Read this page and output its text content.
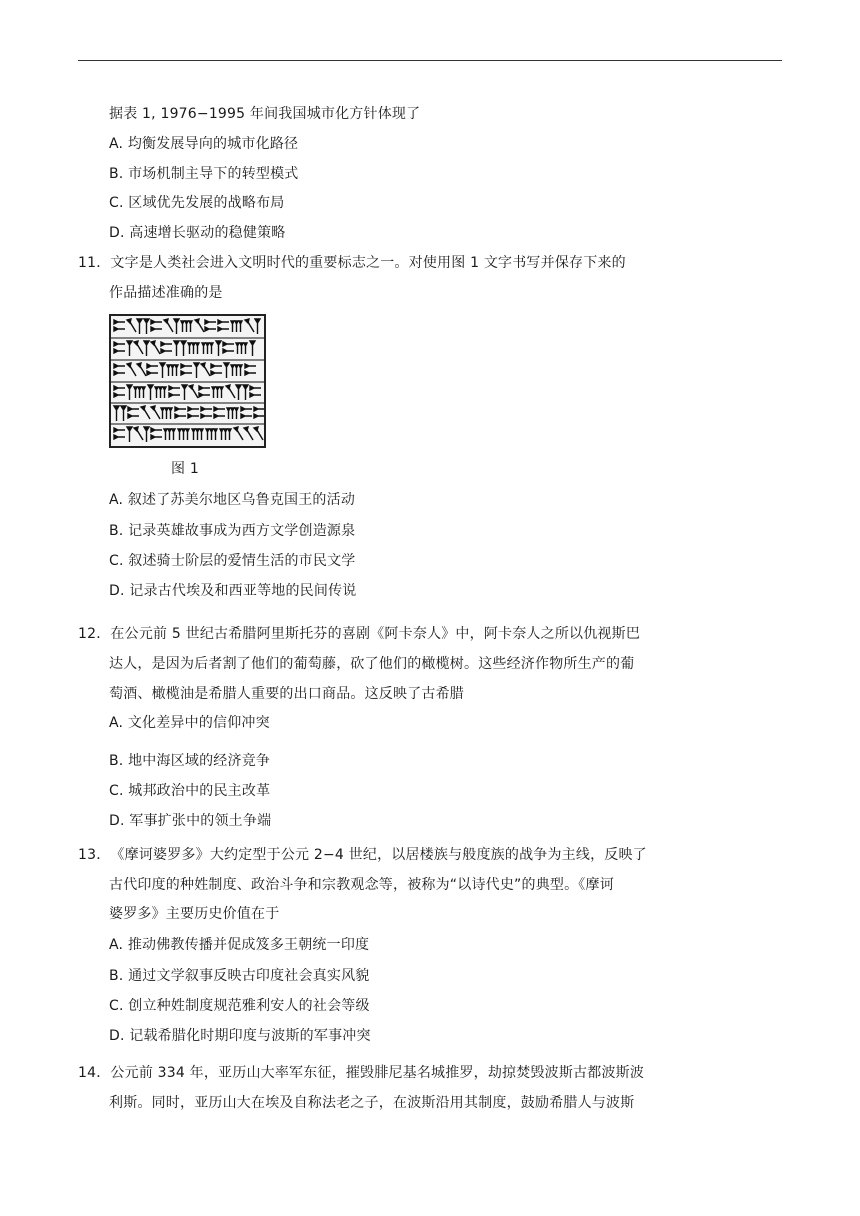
据表 1, 1976−1995 年间我国城市化方针体现了
A. 均衡发展导向的城市化路径
B. 市场机制主导下的转型模式
C. 区域优先发展的战略布局
D. 高速增长驱动的稳健策略
11．文字是人类社会进入文明时代的重要标志之一。对使用图 1 文字书写并保存下来的
作品描述准确的是
图 1
A. 叙述了苏美尔地区乌鲁克国王的活动
B. 记录英雄故事成为西方文学创造源泉
C. 叙述骑士阶层的爱情生活的市民文学
D. 记录古代埃及和西亚等地的民间传说
12．在公元前 5 世纪古希腊阿里斯托芬的喜剧《阿卡奈人》中，阿卡奈人之所以仇视斯巴
达人，是因为后者割了他们的葡萄藤，砍了他们的橄榄树。这些经济作物所生产的葡
萄酒、橄榄油是希腊人重要的出口商品。这反映了古希腊
A. 文化差异中的信仰冲突
B. 地中海区域的经济竞争
C. 城邦政治中的民主改革
D. 军事扩张中的领土争端
13．《摩诃婆罗多》大约定型于公元 2−4 世纪，以居楼族与般度族的战争为主线，反映了
古代印度的种姓制度、政治斗争和宗教观念等，被称为“以诗代史”的典型。《摩诃
婆罗多》主要历史价值在于
A. 推动佛教传播并促成笈多王朝统一印度
B. 通过文学叙事反映古印度社会真实风貌
C. 创立种姓制度规范雅利安人的社会等级
D. 记载希腊化时期印度与波斯的军事冲突
14．公元前 334 年，亚历山大率军东征，摧毁腓尼基名城推罗，劫掠焚毁波斯古都波斯波
利斯。同时，亚历山大在埃及自称法老之子，在波斯沿用其制度，鼓励希腊人与波斯
